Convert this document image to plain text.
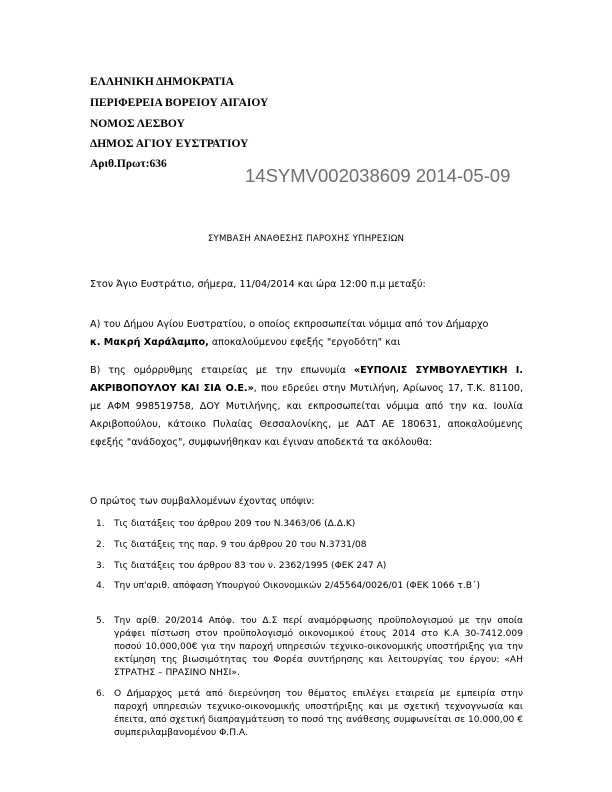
ΕΛΛΗΝΙΚΗ ΔΗΜΟΚΡΑΤΙΑ
ΠΕΡΙΦΕΡΕΙΑ ΒΟΡΕΙΟΥ ΑΙΓΑΙΟΥ
ΝΟΜΟΣ ΛΕΣΒΟΥ
ΔΗΜΟΣ ΑΓΙΟΥ ΕΥΣΤΡΑΤΙΟΥ
Αριθ.Πρωτ:636
14SYMV002038609 2014-05-09
ΣΥΜΒΑΣΗ ΑΝΑΘΕΣΗΣ ΠΑΡΟΧΗΣ ΥΠΗΡΕΣΙΩΝ
Στον Άγιο Ευστράτιο, σήμερα, 11/04/2014 και ώρα 12:00 π.μ μεταξύ:
Α) του Δήμου Αγίου Ευστρατίου, ο οποίος εκπροσωπείται νόμιμα από τον Δήμαρχο
κ. Μακρή Χαράλαμπο, αποκαλούμενου εφεξής "εργοδότη" και
Β) της ομόρρυθμης εταιρείας με την επωνυμία «ΕΥΠΟΛΙΣ ΣΥΜΒΟΥΛΕΥΤΙΚΗ Ι. ΑΚΡΙΒΟΠΟΥΛΟΥ ΚΑΙ ΣΙΑ Ο.Ε.», που εδρεύει στην Μυτιλήνη, Αρίωνος 17, Τ.Κ. 81100, με ΑΦΜ 998519758, ΔΟΥ Μυτιλήνης, και εκπροσωπείται νόμιμα από την κα. Ιουλία Ακριβοπούλου, κάτοικο Πυλαίας Θεσσαλονίκης, με ΑΔΤ ΑΕ 180631, αποκαλούμενης εφεξής "ανάδοχος", συμφωνήθηκαν και έγιναν αποδεκτά τα ακόλουθα:
Ο πρώτος των συμβαλλομένων έχοντας υπόψιν:
1. Τις διατάξεις του άρθρου 209 του Ν.3463/06 (Δ.Δ.Κ)
2. Τις διατάξεις της παρ. 9 του άρθρου 20 του Ν.3731/08
3. Τις διατάξεις του άρθρου 83 του ν. 2362/1995 (ΦΕΚ 247 Α)
4. Την υπ'αριθ. απόφαση Υπουργού Οικονομικών 2/45564/0026/01 (ΦΕΚ 1066 τ.Β΄)
5. Την αρίθ. 20/2014 Απόφ. του Δ.Σ περί αναμόρφωσης προϋπολογισμού με την οποία γράφει πίστωση στον προϋπολογισμό οικονομικού έτους 2014 στο Κ.Α 30-7412.009 ποσού 10.000,00€ για την παροχή υπηρεσιών τεχνικο-οικονομικής υποστήριξης για την εκτίμηση της βιωσιμότητας του Φορέα συντήρησης και λειτουργίας του έργου: «ΑΗ ΣΤΡΑΤΗΣ – ΠΡΑΣΙΝΟ ΝΗΣΙ».
6. Ο Δήμαρχος μετά από διερεύνηση του θέματος επιλέγει εταιρεία με εμπειρία στην παροχή υπηρεσιών τεχνικο-οικονομικής υποστήριξης και με σχετική τεχνογνωσία και έπειτα, από σχετική διαπραγμάτευση το ποσό της ανάθεσης συμφωνείται σε 10.000,00 € συμπεριλαμβανομένου Φ.Π.Α.
